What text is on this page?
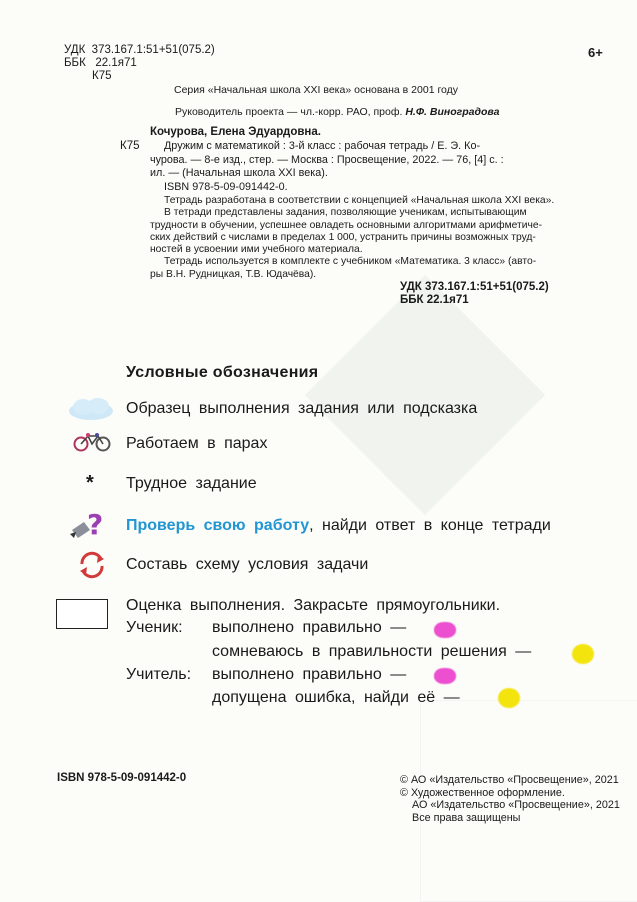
УДК 373.167.1:51+51(075.2)
ББК 22.1я71
К75
6+
Серия «Начальная школа XXI века» основана в 2001 году
Руководитель проекта — чл.-корр. РАО, проф. Н.Ф. Виноградова
К75
Кочурова, Елена Эдуардовна.
Дружим с математикой : 3-й класс : рабочая тетрадь / Е. Э. Ко-
чурова. — 8-е изд., стер. — Москва : Просвещение, 2022. — 76, [4] с. :
ил. — (Начальная школа XXI века).
ISBN 978-5-09-091442-0.
Тетрадь разработана в соответствии с концепцией «Начальная школа XXI века».
В тетради представлены задания, позволяющие ученикам, испытывающим
трудности в обучении, успешнее овладеть основными алгоритмами арифметиче-
ских действий с числами в пределах 1 000, устранить причины возможных труд-
ностей в усвоении ими учебного материала.
Тетрадь используется в комплекте с учебником «Математика. 3 класс» (авто-
ры В.Н. Рудницкая, Т.В. Юдачёва).
УДК 373.167.1:51+51(075.2)
ББК 22.1я71
Условные обозначения
Образец выполнения задания или подсказка
Работаем в парах
* Трудное задание
? Проверь свою работу, найди ответ в конце тетради
Составь схему условия задачи
Оценка выполнения. Закрасьте прямоугольники.
Ученик: выполнено правильно —
сомневаюсь в правильности решения —
Учитель: выполнено правильно —
допущена ошибка, найди её —
ISBN 978-5-09-091442-0	© АО «Издательство «Просвещение», 2021
© Художественное оформление.
АО «Издательство «Просвещение», 2021
Все права защищены
